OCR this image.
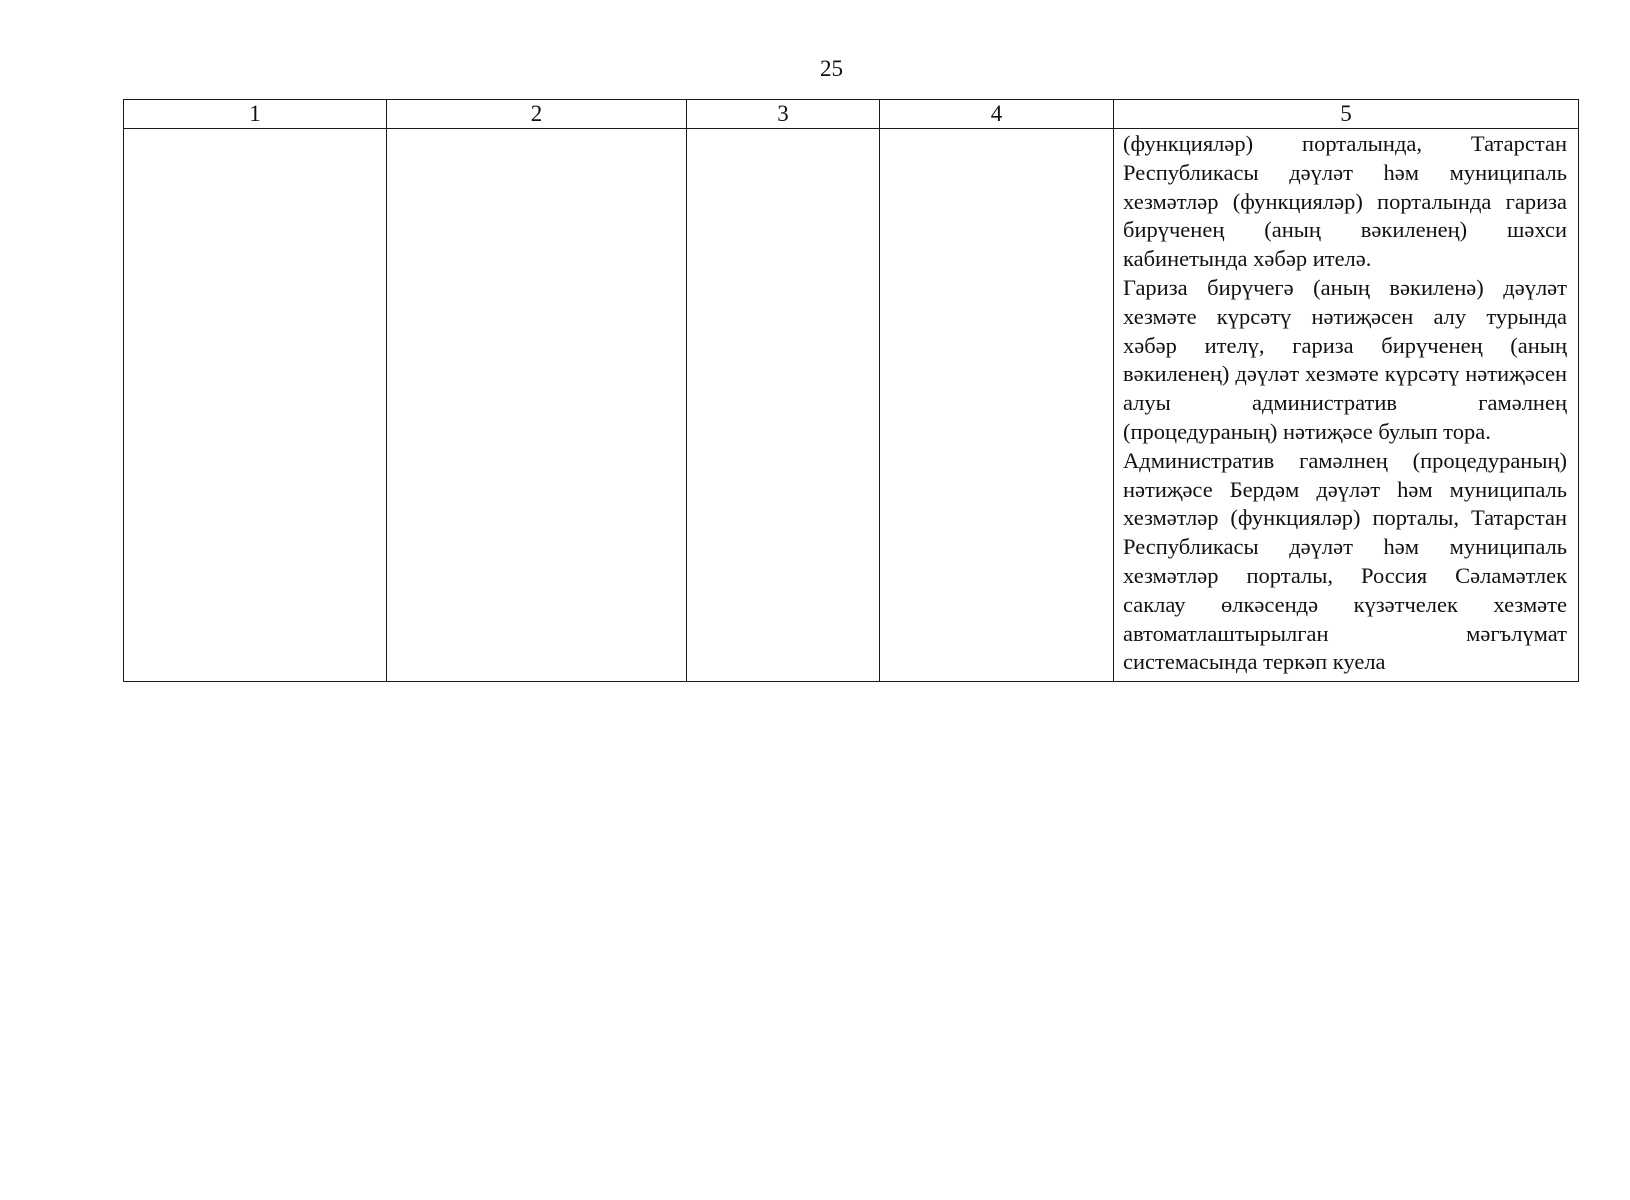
25
1	2	3	4	5

				(функцияләр) порталында, Татарстан Республикасы дәүләт һәм муниципаль хезмәтләр (функцияләр) порталында гариза бирүченең (аның вәкиленең) шәхси кабинетында хәбәр ителә.

Гариза бирүчегә (аның вәкиленә) дәүләт хезмәте күрсәтү нәтиҗәсен алу турында хәбәр ителү, гариза бирүченең (аның вәкиленең) дәүләт хезмәте күрсәтү нәтиҗәсен алуы административ гамәлнең (процедураның) нәтиҗәсе булып тора.

Административ гамәлнең (процедураның) нәтиҗәсе Бердәм дәүләт һәм муниципаль хезмәтләр (функцияләр) порталы, Татарстан Республикасы дәүләт һәм муниципаль хезмәтләр порталы, Россия Сәламәтлек саклау өлкәсендә күзәтчелек хезмәте автоматлаштырылган мәгълүмат системасында теркәп куела
